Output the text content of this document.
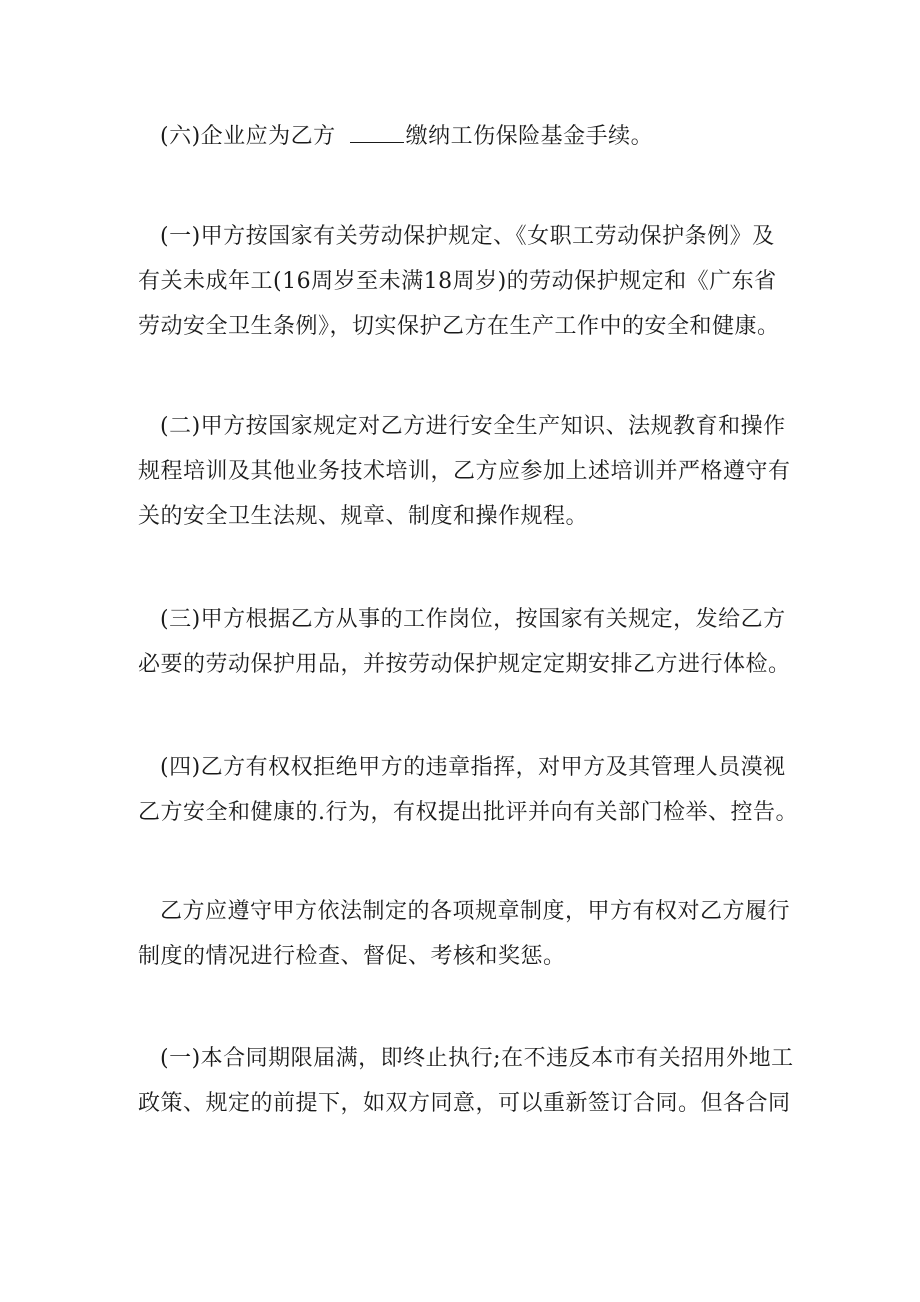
(六)企业应为乙方	缴纳工伤保险基金手续。

(一)甲方按国家有关劳动保护规定、《女职工劳动保护条例》及
有关未成年工(16周岁至未满18周岁)的劳动保护规定和《广东省
劳动安全卫生条例》，切实保护乙方在生产工作中的安全和健康。

(二)甲方按国家规定对乙方进行安全生产知识、法规教育和操作
规程培训及其他业务技术培训，乙方应参加上述培训并严格遵守有
关的安全卫生法规、规章、制度和操作规程。

(三)甲方根据乙方从事的工作岗位，按国家有关规定，发给乙方
必要的劳动保护用品，并按劳动保护规定定期安排乙方进行体检。

(四)乙方有权权拒绝甲方的违章指挥，对甲方及其管理人员漠视
乙方安全和健康的.行为，有权提出批评并向有关部门检举、控告。

乙方应遵守甲方依法制定的各项规章制度，甲方有权对乙方履行
制度的情况进行检查、督促、考核和奖惩。

(一)本合同期限届满，即终止执行;在不违反本市有关招用外地工
政策、规定的前提下，如双方同意，可以重新签订合同。但各合同
